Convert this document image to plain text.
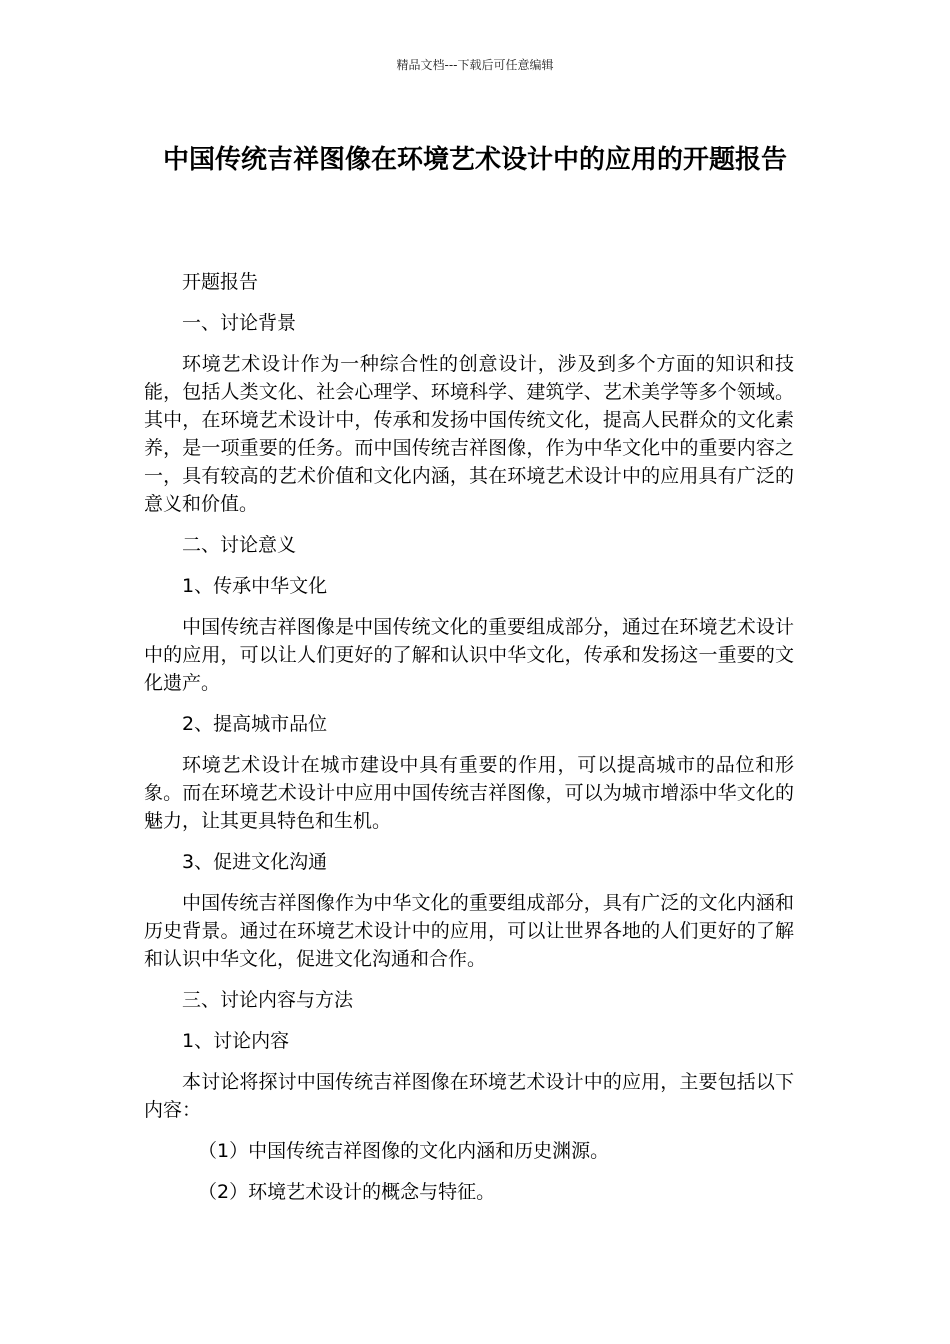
精品文档---下载后可任意编辑
中国传统吉祥图像在环境艺术设计中的应用的开题报告

开题报告

一、讨论背景

环境艺术设计作为一种综合性的创意设计，涉及到多个方面的知识和技能，包括人类文化、社会心理学、环境科学、建筑学、艺术美学等多个领域。其中，在环境艺术设计中，传承和发扬中国传统文化，提高人民群众的文化素养，是一项重要的任务。而中国传统吉祥图像，作为中华文化中的重要内容之一，具有较高的艺术价值和文化内涵，其在环境艺术设计中的应用具有广泛的意义和价值。

二、讨论意义

1、传承中华文化

中国传统吉祥图像是中国传统文化的重要组成部分，通过在环境艺术设计中的应用，可以让人们更好的了解和认识中华文化，传承和发扬这一重要的文化遗产。

2、提高城市品位

环境艺术设计在城市建设中具有重要的作用，可以提高城市的品位和形象。而在环境艺术设计中应用中国传统吉祥图像，可以为城市增添中华文化的魅力，让其更具特色和生机。

3、促进文化沟通

中国传统吉祥图像作为中华文化的重要组成部分，具有广泛的文化内涵和历史背景。通过在环境艺术设计中的应用，可以让世界各地的人们更好的了解和认识中华文化，促进文化沟通和合作。

三、讨论内容与方法

1、讨论内容

本讨论将探讨中国传统吉祥图像在环境艺术设计中的应用，主要包括以下内容：

（1）中国传统吉祥图像的文化内涵和历史渊源。

（2）环境艺术设计的概念与特征。
